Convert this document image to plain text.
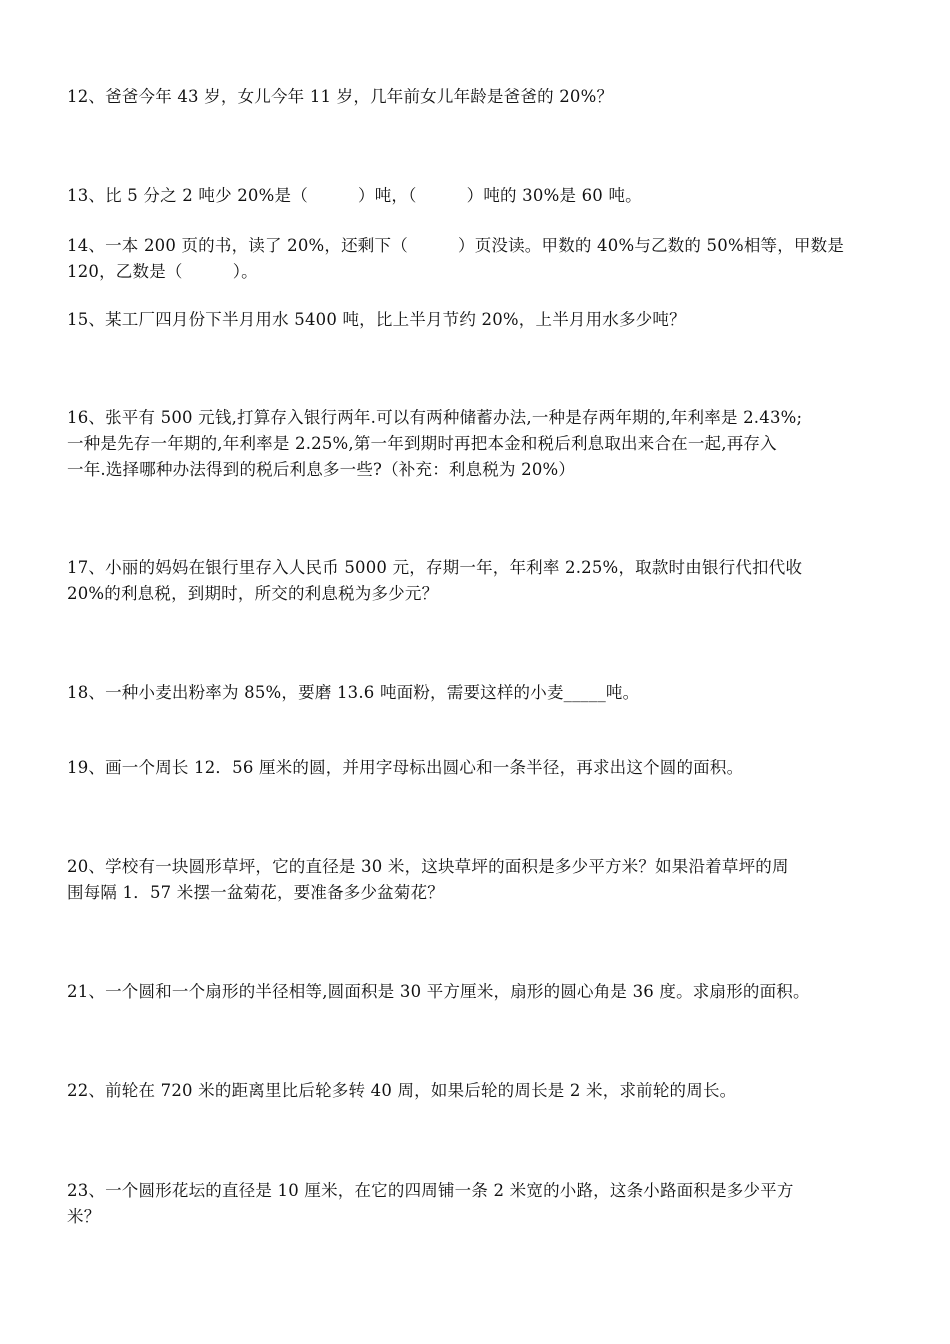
12、爸爸今年 43 岁，女儿今年 11 岁，几年前女儿年龄是爸爸的 20%？
13、比 5 分之 2 吨少 20%是（　　　）吨，（　　　）吨的 30%是 60 吨。
14、一本 200 页的书，读了 20%，还剩下（　　　）页没读。甲数的 40%与乙数的 50%相等，甲数是
120，乙数是（　　　）。
15、某工厂四月份下半月用水 5400 吨，比上半月节约 20%，上半月用水多少吨？
16、张平有 500 元钱,打算存入银行两年.可以有两种储蓄办法,一种是存两年期的,年利率是 2.43%;
一种是先存一年期的,年利率是 2.25%,第一年到期时再把本金和税后利息取出来合在一起,再存入
一年.选择哪种办法得到的税后利息多一些?（补充：利息税为 20%）
17、小丽的妈妈在银行里存入人民币 5000 元，存期一年，年利率 2.25%，取款时由银行代扣代收
20%的利息税，到期时，所交的利息税为多少元？
18、一种小麦出粉率为 85%，要磨 13.6 吨面粉，需要这样的小麦_____吨。
19、画一个周长 12．56 厘米的圆，并用字母标出圆心和一条半径，再求出这个圆的面积。
20、学校有一块圆形草坪，它的直径是 30 米，这块草坪的面积是多少平方米？如果沿着草坪的周
围每隔 1．57 米摆一盆菊花，要准备多少盆菊花？
21、一个圆和一个扇形的半径相等,圆面积是 30 平方厘米，扇形的圆心角是 36 度。求扇形的面积。
22、前轮在 720 米的距离里比后轮多转 40 周，如果后轮的周长是 2 米，求前轮的周长。
23、一个圆形花坛的直径是 10 厘米，在它的四周铺一条 2 米宽的小路，这条小路面积是多少平方
米？
